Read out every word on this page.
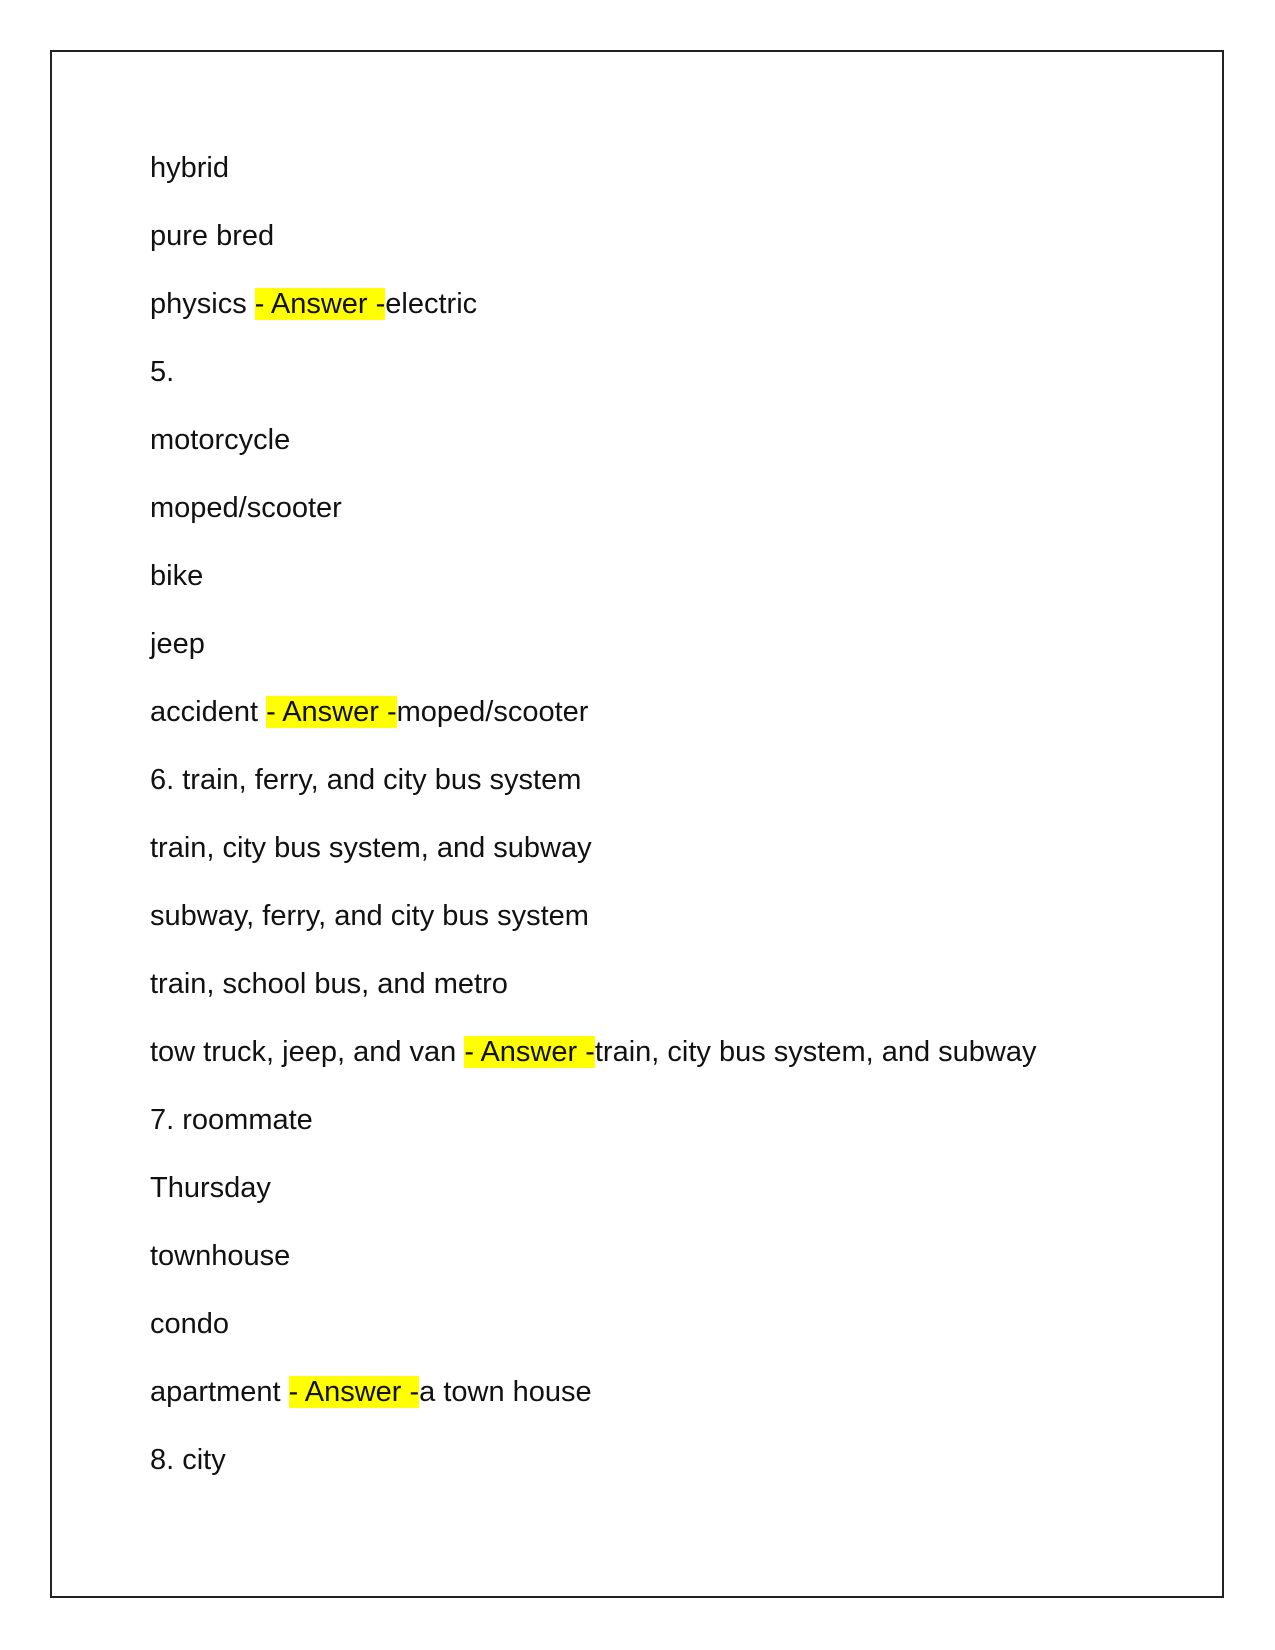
hybrid
pure bred
physics - Answer -electric
5.
motorcycle
moped/scooter
bike
jeep
accident - Answer -moped/scooter
6. train, ferry, and city bus system
train, city bus system, and subway
subway, ferry, and city bus system
train, school bus, and metro
tow truck, jeep, and van - Answer -train, city bus system, and subway
7. roommate
Thursday
townhouse
condo
apartment - Answer -a town house
8. city
